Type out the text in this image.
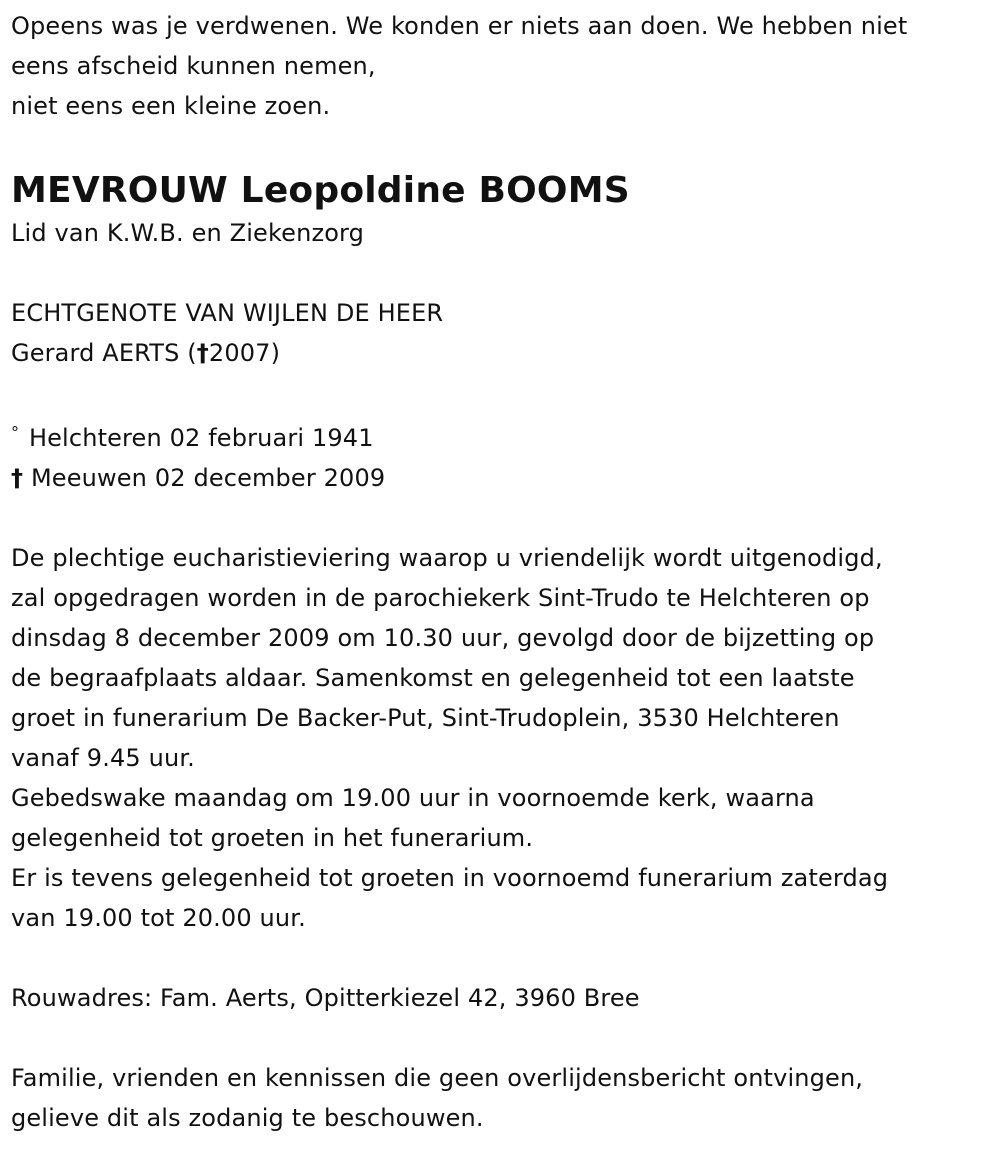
Opeens was je verdwenen. We konden er niets aan doen. We hebben niet
eens afscheid kunnen nemen,
niet eens een kleine zoen.
MEVROUW Leopoldine BOOMS
Lid van K.W.B. en Ziekenzorg
ECHTGENOTE VAN WIJLEN DE HEER
Gerard AERTS (†2007)
° Helchteren 02 februari 1941
† Meeuwen 02 december 2009
De plechtige eucharistieviering waarop u vriendelijk wordt uitgenodigd,
zal opgedragen worden in de parochiekerk Sint-Trudo te Helchteren op
dinsdag 8 december 2009 om 10.30 uur, gevolgd door de bijzetting op
de begraafplaats aldaar. Samenkomst en gelegenheid tot een laatste
groet in funerarium De Backer-Put, Sint-Trudoplein, 3530 Helchteren
vanaf 9.45 uur.
Gebedswake maandag om 19.00 uur in voornoemde kerk, waarna
gelegenheid tot groeten in het funerarium.
Er is tevens gelegenheid tot groeten in voornoemd funerarium zaterdag
van 19.00 tot 20.00 uur.
Rouwadres: Fam. Aerts, Opitterkiezel 42, 3960 Bree
Familie, vrienden en kennissen die geen overlijdensbericht ontvingen,
gelieve dit als zodanig te beschouwen.
